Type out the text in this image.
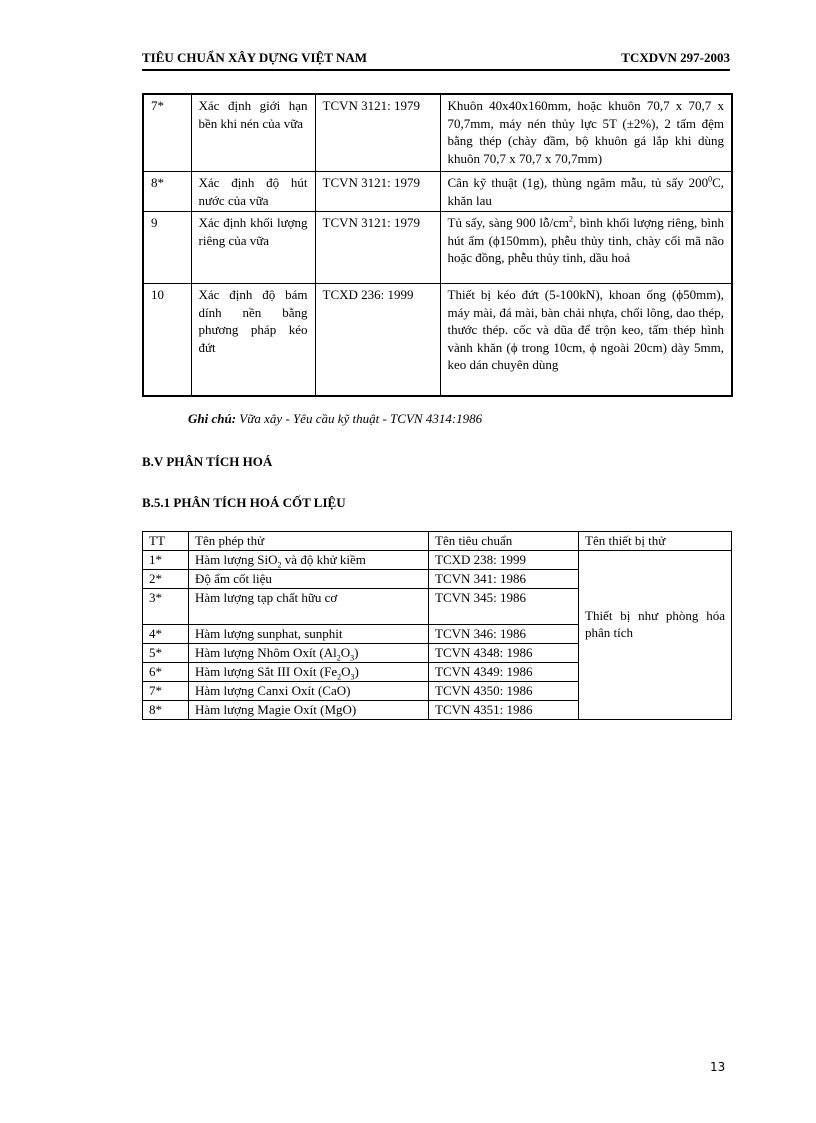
TIÊU CHUẨN XÂY DỰNG VIỆT NAM	TCXDVN 297-2003
7*	Xác định giới hạn bền khi nén của vữa	TCVN 3121: 1979	Khuôn 40x40x160mm, hoặc khuôn 70,7 x 70,7 x 70,7mm, máy nén thủy lực 5T (±2%), 2 tấm đệm bằng thép (chày đầm, bộ khuôn gá lắp khi dùng khuôn 70,7 x 70,7 x 70,7mm)
8*	Xác định độ hút nước của vữa	TCVN 3121: 1979	Cân kỹ thuật (1g), thùng ngâm mẫu, tủ sấy $200^0C$, khăn lau
9	Xác định khối lượng riêng của vữa	TCVN 3121: 1979	Tủ sấy, sàng 900 $lỗ/cm^2$, bình khối lượng riêng, bình hút ẩm (ϕ150mm), phễu thủy tinh, chày cối mã não hoặc đồng, phễu thủy tinh, dầu hoả
10	Xác định độ bám dính nền bằng phương pháp kéo đứt	TCXD 236: 1999	Thiết bị kéo đứt (5-100kN), khoan ống (ϕ50mm), máy mài, đá mài, bàn chải nhựa, chổi lông, dao thép, thước thép. cốc và dũa để trộn keo, tấm thép hình vành khăn (ϕ trong 10cm, ϕ ngoài 20cm) dày 5mm, keo dán chuyên dùng
Ghi chú: Vữa xây - Yêu cầu kỹ thuật - TCVN 4314:1986
B.V PHÂN TÍCH HOÁ
B.5.1 PHÂN TÍCH HOÁ CỐT LIỆU
TT	Tên phép thử	Tên tiêu chuẩn	Tên thiết bị thử
1*	Hàm lượng SiO$_2$ và độ khử kiềm	TCXD 238: 1999	Thiết bị như phòng hóa phân tích
2*	Độ ẩm cốt liệu	TCVN 341: 1986	
3*	Hàm lượng tạp chất hữu cơ	TCVN 345: 1986	
4*	Hàm lượng sunphat, sunphit	TCVN 346: 1986	
5*	Hàm lượng Nhôm Oxít $(Al_2O_3)$	TCVN 4348: 1986	
6*	Hàm lượng Sắt III Oxít $(Fe_2O_3)$	TCVN 4349: 1986	
7*	Hàm lượng Canxi Oxít (CaO)	TCVN 4350: 1986	
8*	Hàm lượng Magie Oxít (MgO)	TCVN 4351: 1986	
13
